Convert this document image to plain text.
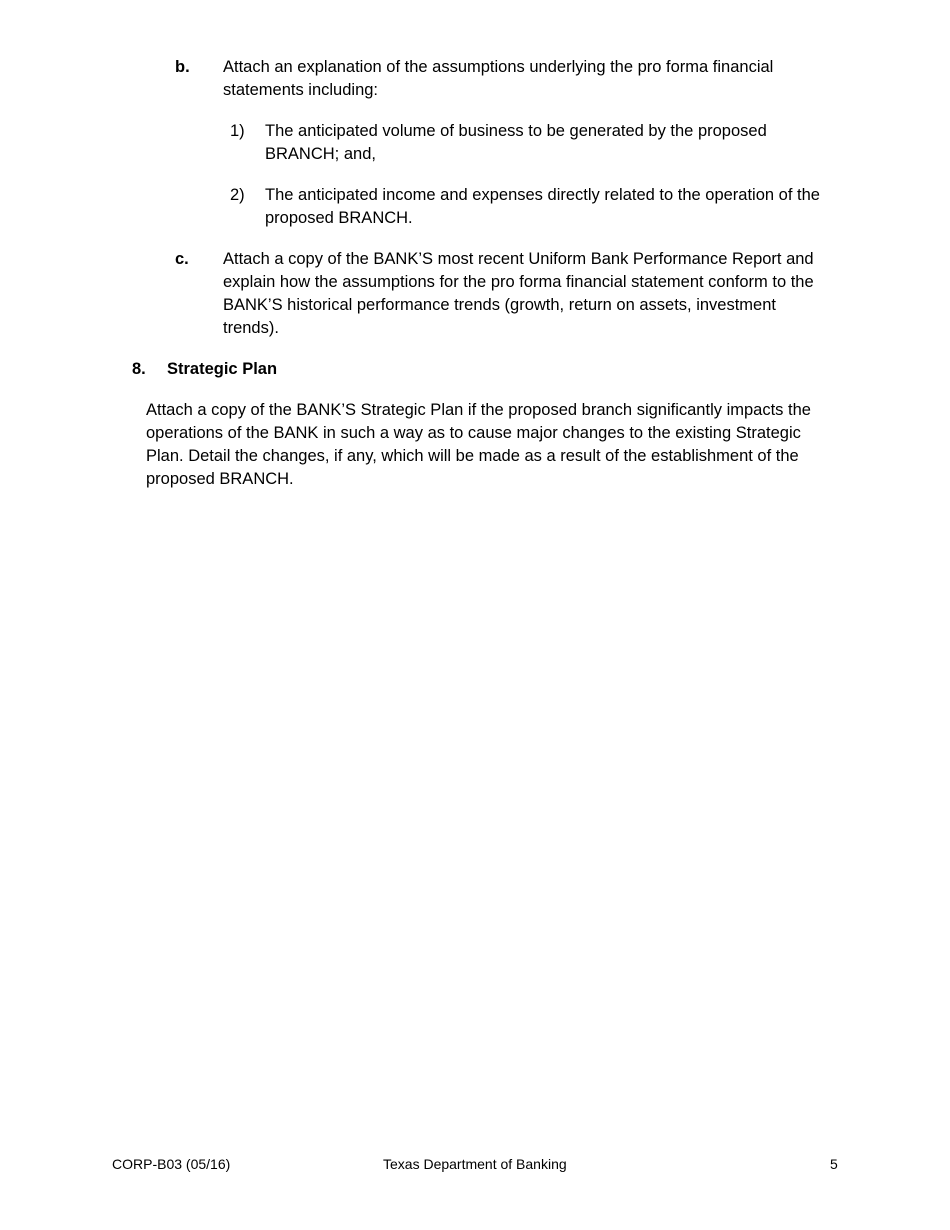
b. Attach an explanation of the assumptions underlying the pro forma financial statements including:
1) The anticipated volume of business to be generated by the proposed BRANCH; and,
2) The anticipated income and expenses directly related to the operation of the proposed BRANCH.
c. Attach a copy of the BANK’S most recent Uniform Bank Performance Report and explain how the assumptions for the pro forma financial statement conform to the BANK’S historical performance trends (growth, return on assets, investment trends).
8. Strategic Plan
Attach a copy of the BANK’S Strategic Plan if the proposed branch significantly impacts the operations of the BANK in such a way as to cause major changes to the existing Strategic Plan. Detail the changes, if any, which will be made as a result of the establishment of the proposed BRANCH.
CORP-B03 (05/16)	Texas Department of Banking	5
